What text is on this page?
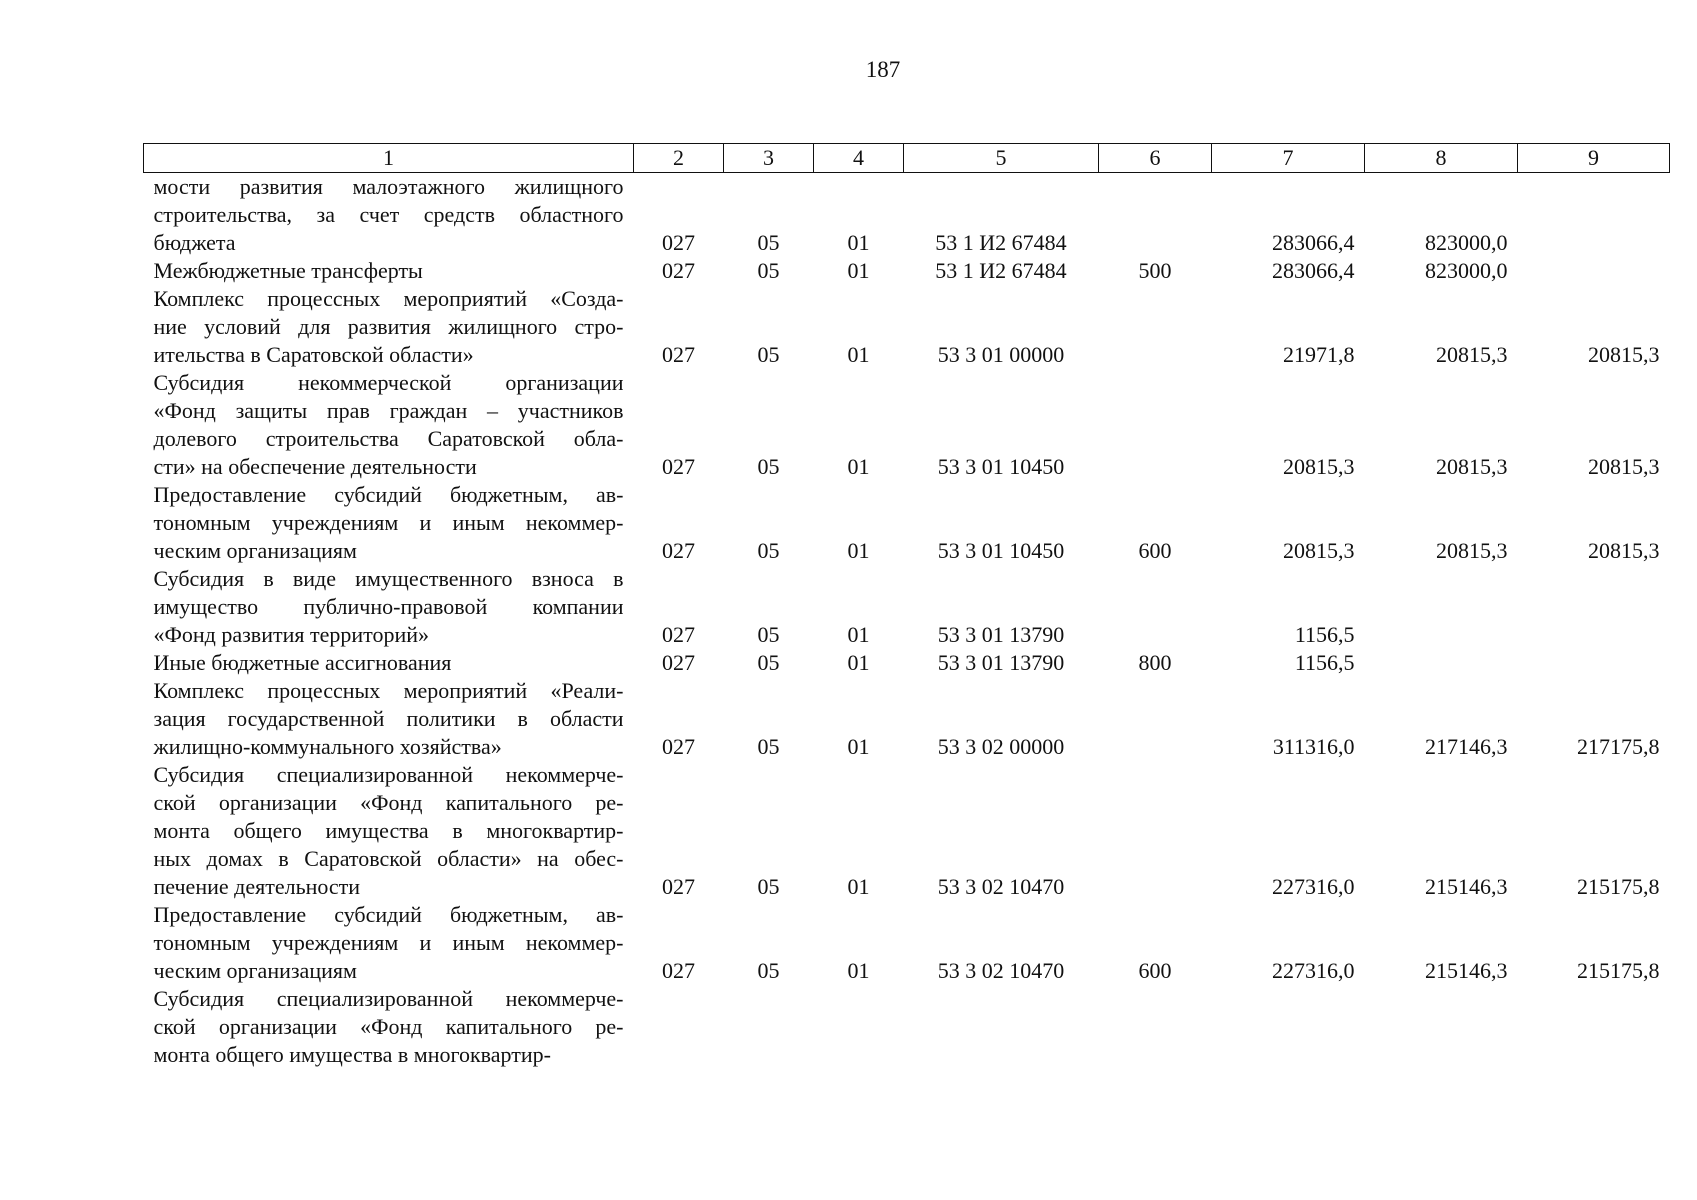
187
1	2	3	4	5	6	7	8	9

мости развития малоэтажного жилищного
строительства, за счет средств областного
бюджета	027	05	01	53 1 И2 67484		283066,4	823000,0	

Межбюджетные трансферты	027	05	01	53 1 И2 67484	500	283066,4	823000,0	

Комплекс процессных мероприятий «Созда-
ние условий для развития жилищного стро-
ительства в Саратовской области»	027	05	01	53 3 01 00000		21971,8	20815,3	20815,3

Субсидия некоммерческой организации
«Фонд защиты прав граждан – участников
долевого строительства Саратовской обла-
сти» на обеспечение деятельности	027	05	01	53 3 01 10450		20815,3	20815,3	20815,3

Предоставление субсидий бюджетным, ав-
тономным учреждениям и иным некоммер-
ческим организациям	027	05	01	53 3 01 10450	600	20815,3	20815,3	20815,3

Субсидия в виде имущественного взноса в
имущество публично-правовой компании
«Фонд развития территорий»	027	05	01	53 3 01 13790		1156,5		

Иные бюджетные ассигнования	027	05	01	53 3 01 13790	800	1156,5		

Комплекс процессных мероприятий «Реали-
зация государственной политики в области
жилищно-коммунального хозяйства»	027	05	01	53 3 02 00000		311316,0	217146,3	217175,8

Субсидия специализированной некоммерче-
ской организации «Фонд капитального ре-
монта общего имущества в многоквартир-
ных домах в Саратовской области» на обес-
печение деятельности	027	05	01	53 3 02 10470		227316,0	215146,3	215175,8

Предоставление субсидий бюджетным, ав-
тономным учреждениям и иным некоммер-
ческим организациям	027	05	01	53 3 02 10470	600	227316,0	215146,3	215175,8

Субсидия специализированной некоммерче-
ской организации «Фонд капитального ре-
монта общего имущества в многоквартир-								
